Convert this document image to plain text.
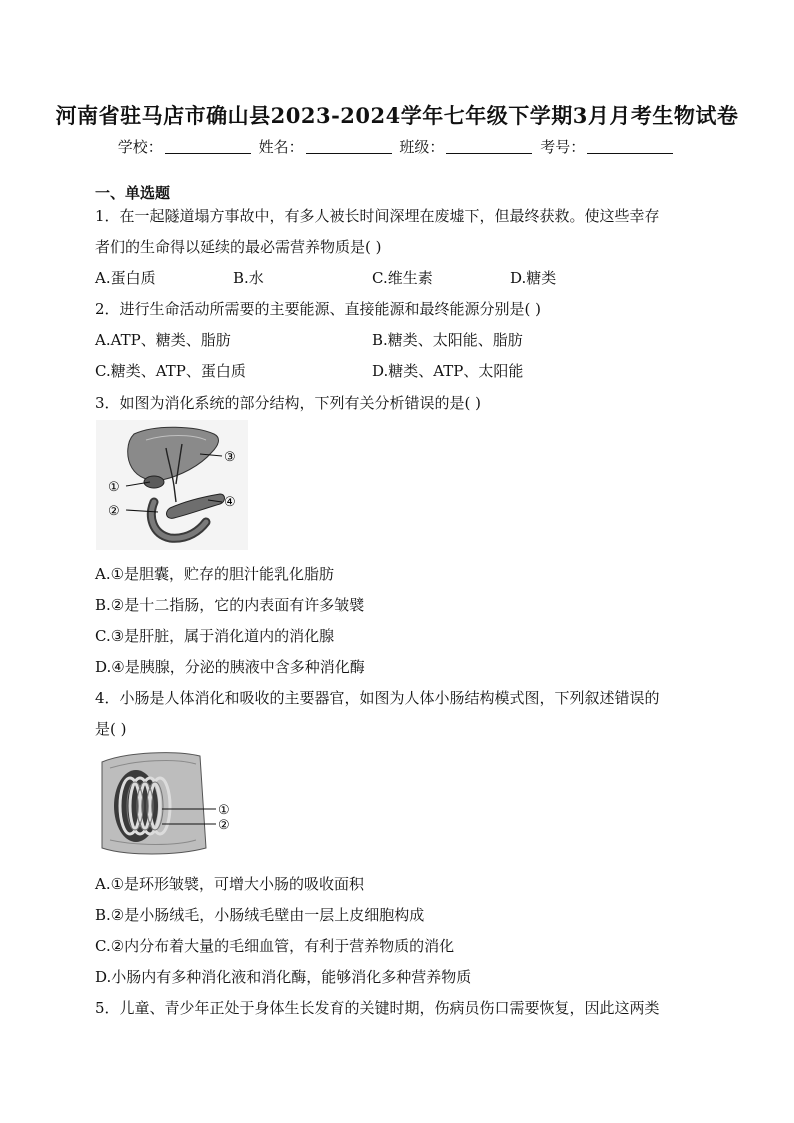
河南省驻马店市确山县2023-2024学年七年级下学期3月月考生物试卷
学校：	姓名：	班级：	考号：
一、单选题
1．在一起隧道塌方事故中，有多人被长时间深埋在废墟下，但最终获救。使这些幸存
者们的生命得以延续的最必需营养物质是( )
A.蛋白质	B.水	C.维生素	D.糖类
2．进行生命活动所需要的主要能源、直接能源和最终能源分别是( )
A.ATP、糖类、脂肪	B.糖类、太阳能、脂肪
C.糖类、ATP、蛋白质	D.糖类、ATP、太阳能
3．如图为消化系统的部分结构，下列有关分析错误的是( )
①
②
③
④
A.①是胆囊，贮存的胆汁能乳化脂肪
B.②是十二指肠，它的内表面有许多皱襞
C.③是肝脏，属于消化道内的消化腺
D.④是胰腺，分泌的胰液中含多种消化酶
4．小肠是人体消化和吸收的主要器官，如图为人体小肠结构模式图，下列叙述错误的
是( )
①
②
A.①是环形皱襞，可增大小肠的吸收面积
B.②是小肠绒毛，小肠绒毛壁由一层上皮细胞构成
C.②内分布着大量的毛细血管，有利于营养物质的消化
D.小肠内有多种消化液和消化酶，能够消化多种营养物质
5．儿童、青少年正处于身体生长发育的关键时期，伤病员伤口需要恢复，因此这两类
